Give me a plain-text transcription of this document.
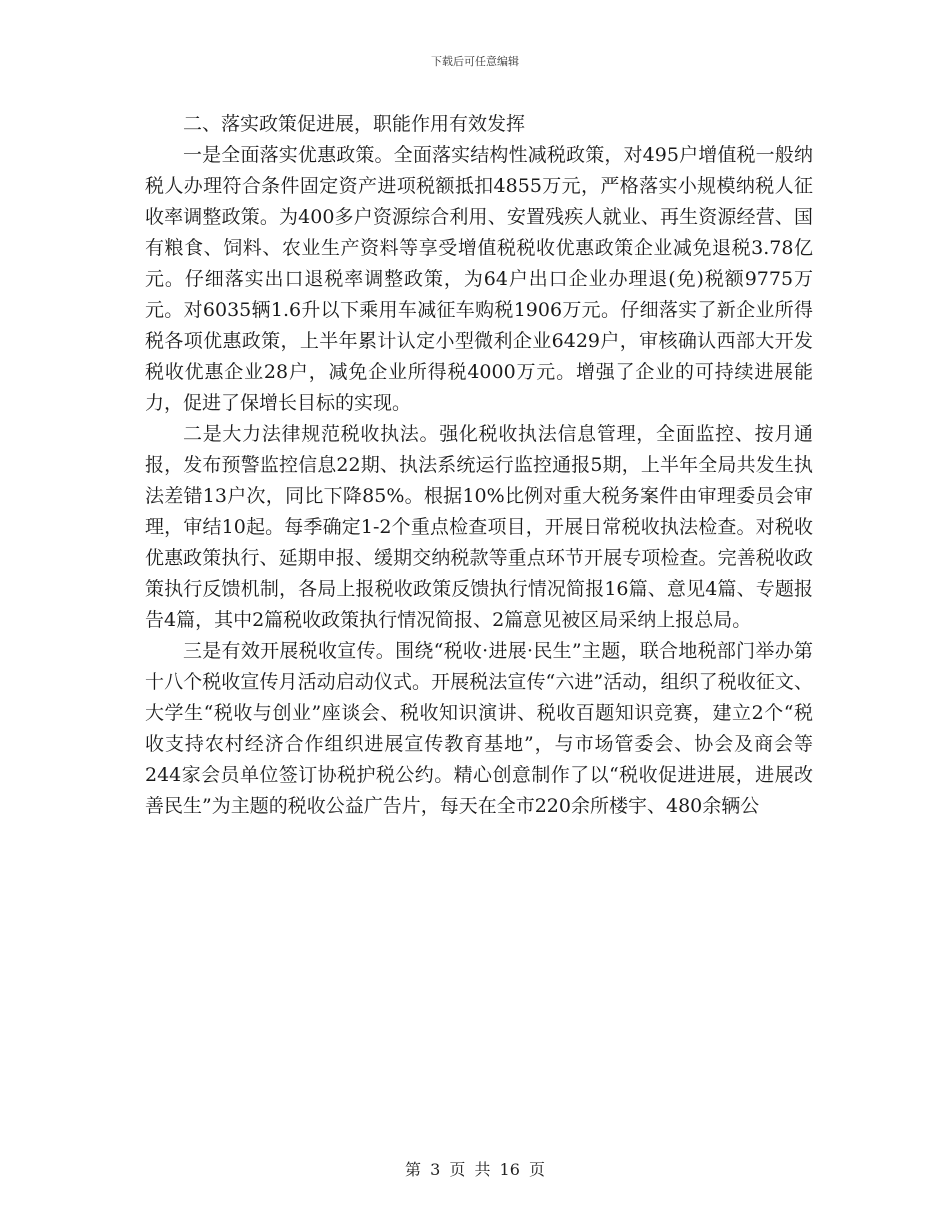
下载后可任意编辑

二、落实政策促进展，职能作用有效发挥

一是全面落实优惠政策。全面落实结构性减税政策，对495户增值税一般纳税人办理符合条件固定资产进项税额抵扣4855万元，严格落实小规模纳税人征收率调整政策。为400多户资源综合利用、安置残疾人就业、再生资源经营、国有粮食、饲料、农业生产资料等享受增值税税收优惠政策企业减免退税3.78亿元。仔细落实出口退税率调整政策，为64户出口企业办理退(免)税额9775万元。对6035辆1.6升以下乘用车减征车购税1906万元。仔细落实了新企业所得税各项优惠政策，上半年累计认定小型微利企业6429户，审核确认西部大开发税收优惠企业28户，减免企业所得税4000万元。增强了企业的可持续进展能力，促进了保增长目标的实现。

二是大力法律规范税收执法。强化税收执法信息管理，全面监控、按月通报，发布预警监控信息22期、执法系统运行监控通报5期，上半年全局共发生执法差错13户次，同比下降85%。根据10%比例对重大税务案件由审理委员会审理，审结10起。每季确定1-2个重点检查项目，开展日常税收执法检查。对税收优惠政策执行、延期申报、缓期交纳税款等重点环节开展专项检查。完善税收政策执行反馈机制，各局上报税收政策反馈执行情况简报16篇、意见4篇、专题报告4篇，其中2篇税收政策执行情况简报、2篇意见被区局采纳上报总局。

三是有效开展税收宣传。围绕“税收·进展·民生”主题，联合地税部门举办第十八个税收宣传月活动启动仪式。开展税法宣传“六进”活动，组织了税收征文、大学生“税收与创业”座谈会、税收知识演讲、税收百题知识竞赛，建立2个“税收支持农村经济合作组织进展宣传教育基地”，与市场管委会、协会及商会等244家会员单位签订协税护税公约。精心创意制作了以“税收促进进展，进展改善民生”为主题的税收公益广告片，每天在全市220余所楼宇、480余辆公

第 3 页 共 16 页
